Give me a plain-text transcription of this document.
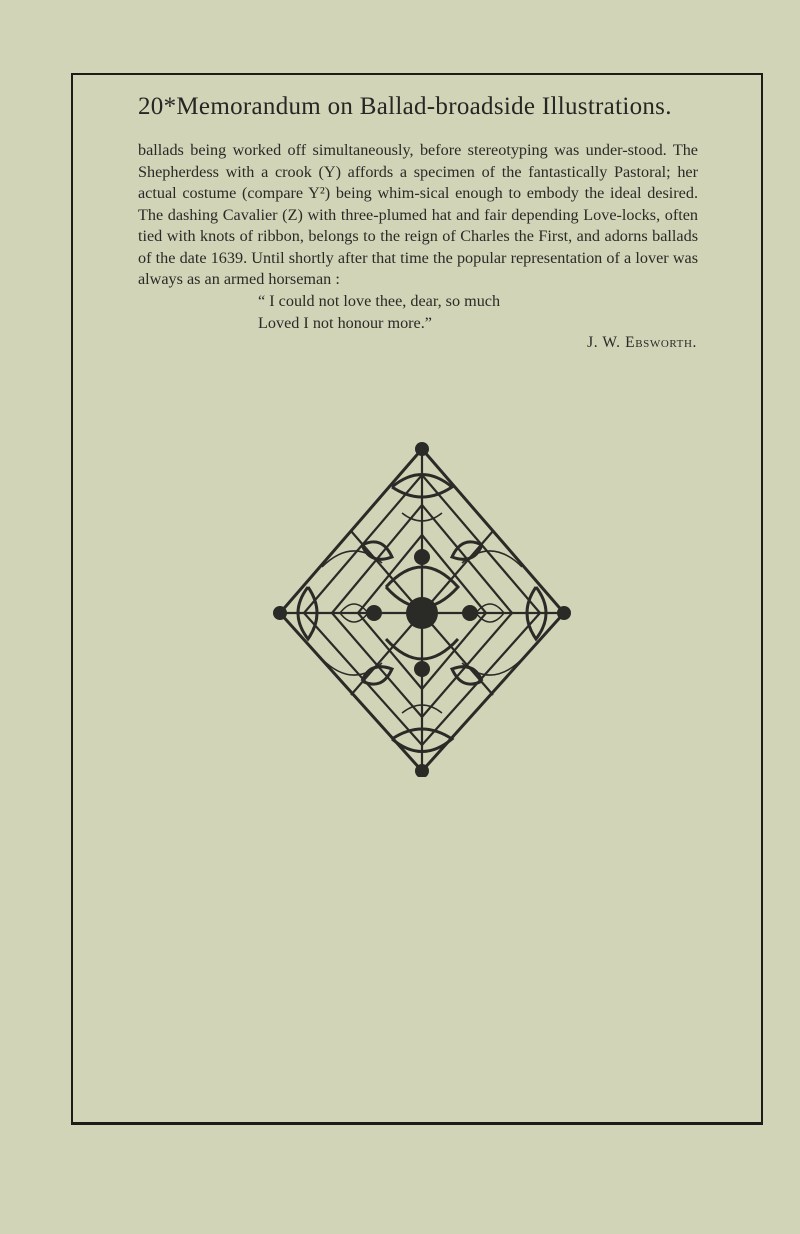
20*Memorandum on Ballad-broadside Illustrations.

ballads being worked off simultaneously, before stereotyping was under-stood. The Shepherdess with a crook (Y) affords a specimen of the fantastically Pastoral; her actual costume (compare Y²) being whim-sical enough to embody the ideal desired. The dashing Cavalier (Z) with three-plumed hat and fair depending Love-locks, often tied with knots of ribbon, belongs to the reign of Charles the First, and adorns ballads of the date 1639. Until shortly after that time the popular representation of a lover was always as an armed horseman :

“ I could not love thee, dear, so much
Loved I not honour more.”
J. W. Ebsworth.
